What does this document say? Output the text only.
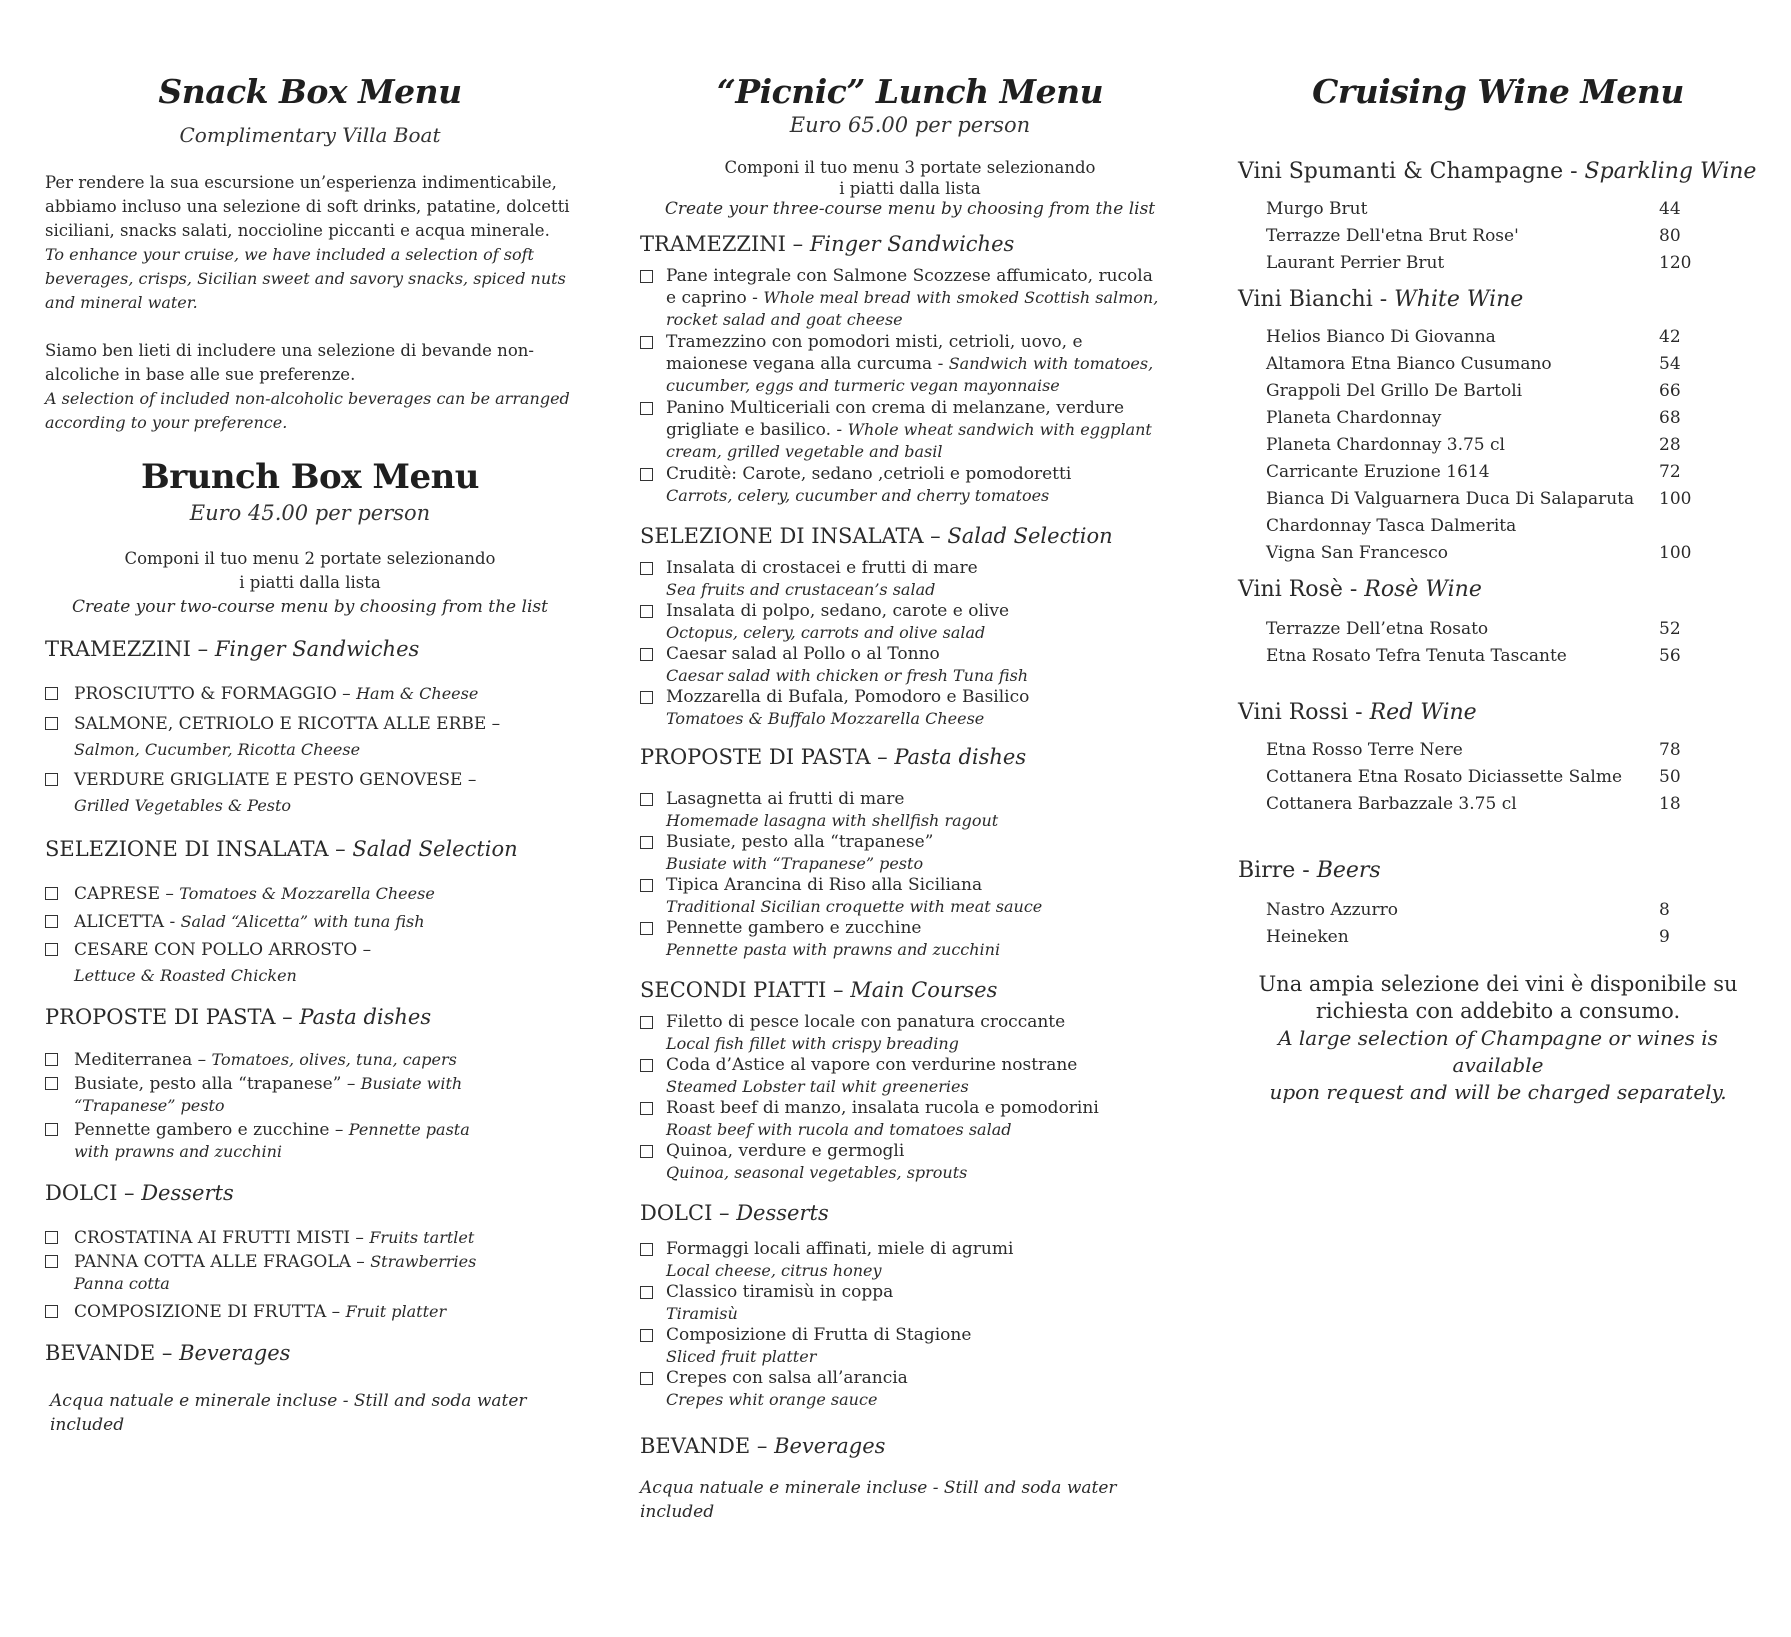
Snack Box Menu

Complimentary Villa Boat

Per rendere la sua escursione un’esperienza indimenticabile, abbiamo incluso una selezione di soft drinks, patatine, dolcetti siciliani, snacks salati, noccioline piccanti e acqua minerale.

To enhance your cruise, we have included a selection of soft beverages, crisps, Sicilian sweet and savory snacks, spiced nuts and mineral water.

Siamo ben lieti di includere una selezione di bevande non-alcoliche in base alle sue preferenze.

A selection of included non-alcoholic beverages can be arranged according to your preference.

Brunch Box Menu

Euro 45.00 per person

Componi il tuo menu 2 portate selezionando

i piatti dalla lista

Create your two-course menu by choosing from the list

TRAMEZZINI – Finger Sandwiches

PROSCIUTTO & FORMAGGIO – Ham & Cheese
SALMONE, CETRIOLO E RICOTTA ALLE ERBE –
Salmon, Cucumber, Ricotta Cheese
VERDURE GRIGLIATE E PESTO GENOVESE –
Grilled Vegetables & Pesto

SELEZIONE DI INSALATA – Salad Selection

CAPRESE – Tomatoes & Mozzarella Cheese
ALICETTA - Salad “Alicetta” with tuna fish
CESARE CON POLLO ARROSTO –
Lettuce & Roasted Chicken

PROPOSTE DI PASTA – Pasta dishes

Mediterranea – Tomatoes, olives, tuna, capers
Busiate, pesto alla “trapanese” – Busiate with “Trapanese” pesto
Pennette gambero e zucchine – Pennette pasta with prawns and zucchini

DOLCI – Desserts

CROSTATINA AI FRUTTI MISTI – Fruits tartlet
PANNA COTTA ALLE FRAGOLA – Strawberries Panna cotta
COMPOSIZIONE DI FRUTTA – Fruit platter

BEVANDE – Beverages

Acqua natuale e minerale incluse - Still and soda water included

“Picnic” Lunch Menu

Euro 65.00 per person

Componi il tuo menu 3 portate selezionando

i piatti dalla lista

Create your three-course menu by choosing from the list

TRAMEZZINI – Finger Sandwiches

Pane integrale con Salmone Scozzese affumicato, rucola e caprino - Whole meal bread with smoked Scottish salmon, rocket salad and goat cheese
Tramezzino con pomodori misti, cetrioli, uovo, e maionese vegana alla curcuma - Sandwich with tomatoes, cucumber, eggs and turmeric vegan mayonnaise
Panino Multiceriali con crema di melanzane, verdure grigliate e basilico. - Whole wheat sandwich with eggplant cream, grilled vegetable and basil
Cruditè: Carote, sedano ,cetrioli e pomodoretti
Carrots, celery, cucumber and cherry tomatoes

SELEZIONE DI INSALATA – Salad Selection

Insalata di crostacei e frutti di mare
Sea fruits and crustacean’s salad
Insalata di polpo, sedano, carote e olive
Octopus, celery, carrots and olive salad
Caesar salad al Pollo o al Tonno
Caesar salad with chicken or fresh Tuna fish
Mozzarella di Bufala, Pomodoro e Basilico
Tomatoes & Buffalo Mozzarella Cheese

PROPOSTE DI PASTA – Pasta dishes

Lasagnetta ai frutti di mare
Homemade lasagna with shellfish ragout
Busiate, pesto alla “trapanese”
Busiate with “Trapanese” pesto
Tipica Arancina di Riso alla Siciliana
Traditional Sicilian croquette with meat sauce
Pennette gambero e zucchine
Pennette pasta with prawns and zucchini

SECONDI PIATTI – Main Courses

Filetto di pesce locale con panatura croccante
Local fish fillet with crispy breading
Coda d’Astice al vapore con verdurine nostrane
Steamed Lobster tail whit greeneries
Roast beef di manzo, insalata rucola e pomodorini
Roast beef with rucola and tomatoes salad
Quinoa, verdure e germogli
Quinoa, seasonal vegetables, sprouts

DOLCI – Desserts

Formaggi locali affinati, miele di agrumi
Local cheese, citrus honey
Classico tiramisù in coppa
Tiramisù
Composizione di Frutta di Stagione
Sliced fruit platter
Crepes con salsa all’arancia
Crepes whit orange sauce

BEVANDE – Beverages

Acqua natuale e minerale incluse - Still and soda water included

Cruising Wine Menu

Vini Spumanti & Champagne - Sparkling Wine

Murgo Brut	44
Terrazze Dell'etna Brut Rose'	80
Laurant Perrier Brut	120

Vini Bianchi - White Wine

Helios Bianco Di Giovanna	42
Altamora Etna Bianco Cusumano	54
Grappoli Del Grillo De Bartoli	66
Planeta Chardonnay	68
Planeta Chardonnay 3.75 cl	28
Carricante Eruzione 1614	72
Bianca Di Valguarnera Duca Di Salaparuta	100
Chardonnay Tasca Dalmerita
Vigna San Francesco	100

Vini Rosè - Rosè Wine

Terrazze Dell’etna Rosato	52
Etna Rosato Tefra Tenuta Tascante	56

Vini Rossi - Red Wine

Etna Rosso Terre Nere	78
Cottanera Etna Rosato Diciassette Salme	50
Cottanera Barbazzale 3.75 cl	18

Birre - Beers

Nastro Azzurro	8
Heineken	9

Una ampia selezione dei vini è disponibile su

richiesta con addebito a consumo.

A large selection of Champagne or wines is available

upon request and will be charged separately.
